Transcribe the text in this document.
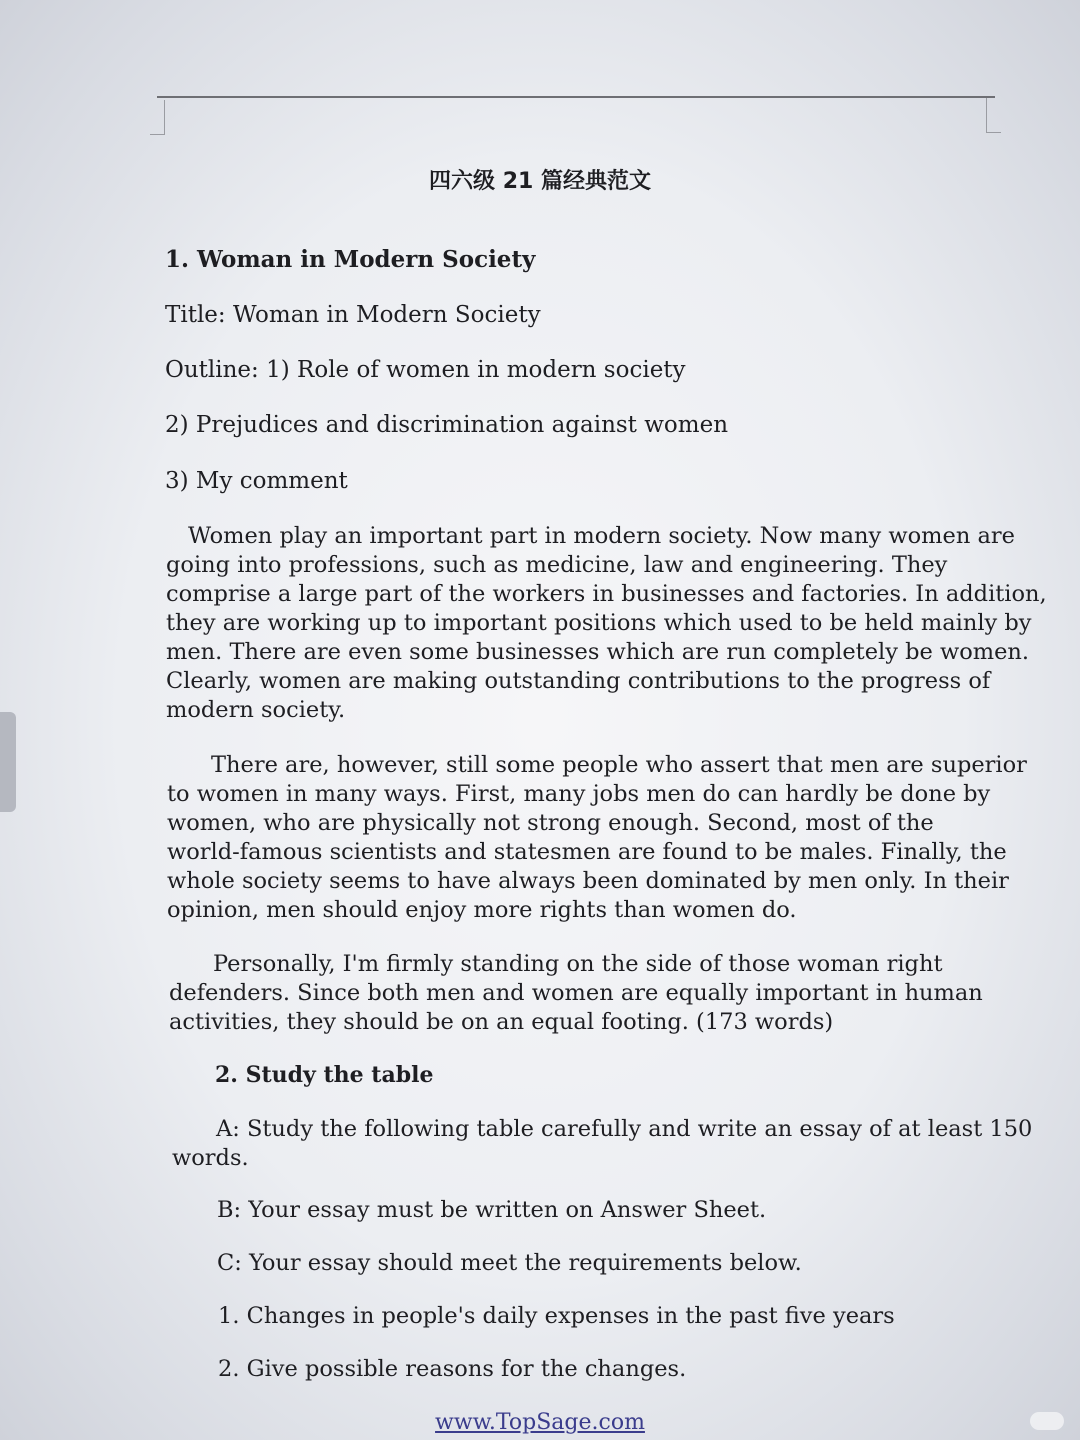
四六级 21 篇经典范文
1. Woman in Modern Society
Title: Woman in Modern Society
Outline: 1) Role of women in modern society
2) Prejudices and discrimination against women
3) My comment

Women play an important part in modern society. Now many women are

going into professions, such as medicine, law and engineering. They

comprise a large part of the workers in businesses and factories. In addition,

they are working up to important positions which used to be held mainly by

men. There are even some businesses which are run completely be women.

Clearly, women are making outstanding contributions to the progress of

modern society.

There are, however, still some people who assert that men are superior

to women in many ways. First, many jobs men do can hardly be done by

women, who are physically not strong enough. Second, most of the

world-famous scientists and statesmen are found to be males. Finally, the

whole society seems to have always been dominated by men only. In their

opinion, men should enjoy more rights than women do.

Personally, I'm firmly standing on the side of those woman right

defenders. Since both men and women are equally important in human

activities, they should be on an equal footing. (173 words)

2. Study the table

A: Study the following table carefully and write an essay of at least 150

words.

B: Your essay must be written on Answer Sheet.
C: Your essay should meet the requirements below.
1. Changes in people's daily expenses in the past five years
2. Give possible reasons for the changes.
www.TopSage.com
